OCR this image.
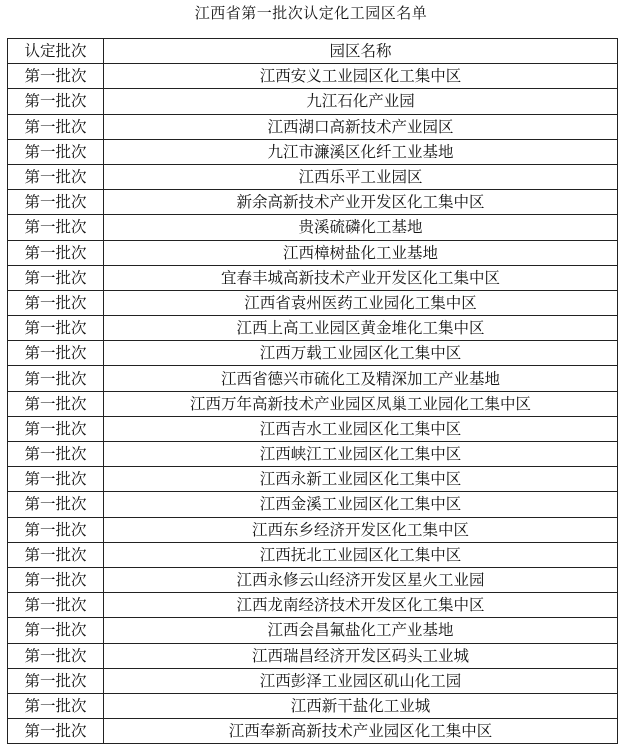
江西省第一批次认定化工园区名单
认定批次	园区名称
第一批次	江西安义工业园区化工集中区
第一批次	九江石化产业园
第一批次	江西湖口高新技术产业园区
第一批次	九江市濂溪区化纤工业基地
第一批次	江西乐平工业园区
第一批次	新余高新技术产业开发区化工集中区
第一批次	贵溪硫磷化工基地
第一批次	江西樟树盐化工业基地
第一批次	宜春丰城高新技术产业开发区化工集中区
第一批次	江西省袁州医药工业园化工集中区
第一批次	江西上高工业园区黄金堆化工集中区
第一批次	江西万载工业园区化工集中区
第一批次	江西省德兴市硫化工及精深加工产业基地
第一批次	江西万年高新技术产业园区凤巢工业园化工集中区
第一批次	江西吉水工业园区化工集中区
第一批次	江西峡江工业园区化工集中区
第一批次	江西永新工业园区化工集中区
第一批次	江西金溪工业园区化工集中区
第一批次	江西东乡经济开发区化工集中区
第一批次	江西抚北工业园区化工集中区
第一批次	江西永修云山经济开发区星火工业园
第一批次	江西龙南经济技术开发区化工集中区
第一批次	江西会昌氟盐化工产业基地
第一批次	江西瑞昌经济开发区码头工业城
第一批次	江西彭泽工业园区矶山化工园
第一批次	江西新干盐化工业城
第一批次	江西奉新高新技术产业园区化工集中区
